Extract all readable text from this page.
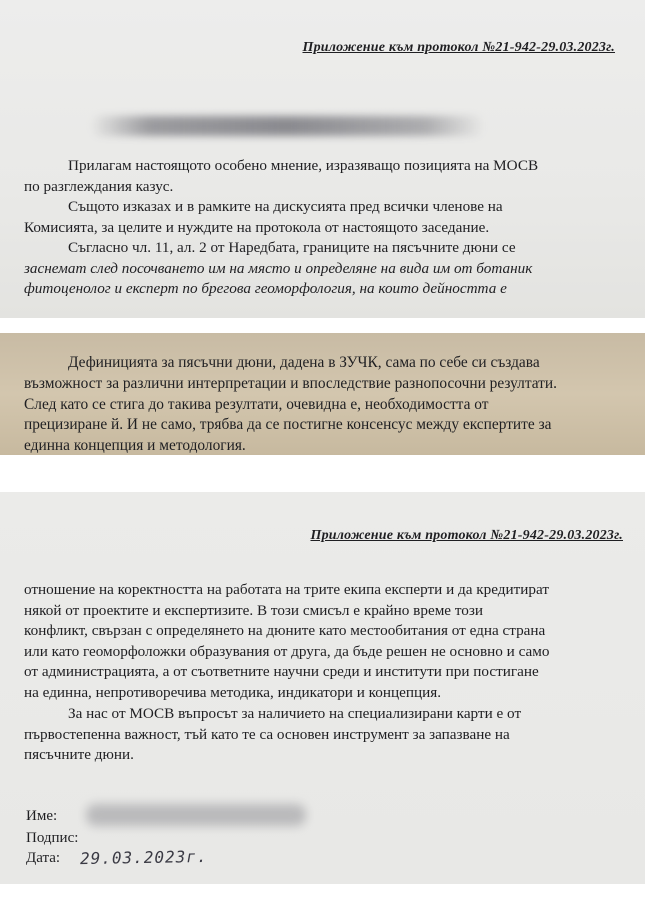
Приложение към протокол №21-942-29.03.2023г.
Прилагам настоящото особено мнение, изразяващо позицията на МОСВ
по разглеждания казус.
Същото изказах и в рамките на дискусията пред всички членове на
Комисията, за целите и нуждите на протокола от настоящото заседание.
Съгласно чл. 11, ал. 2 от Наредбата, границите на пясъчните дюни се
заснемат след посочването им на място и определяне на вида им от ботаник
фитоценолог и експерт по брегова геоморфология, на които дейността е
Дефиницията за пясъчни дюни, дадена в ЗУЧК, сама по себе си създава
възможност за различни интерпретации и впоследствие разнопосочни резултати.
След като се стига до такива резултати, очевидна е, необходимостта от
прецизиране й. И не само, трябва да се постигне консенсус между експертите за
единна концепция и методология.
Приложение към протокол №21-942-29.03.2023г.
отношение на коректността на работата на трите екипа експерти и да кредитират
някой от проектите и експертизите. В този смисъл е крайно време този
конфликт, свързан с определянето на дюните като местообитания от една страна
или като геоморфоложки образувания от друга, да бъде решен не основно и само
от администрацията, а от съответните научни среди и институти при постигане
на единна, непротиворечива методика, индикатори и концепция.
За нас от МОСВ въпросът за наличието на специализирани карти е от
първостепенна важност, тъй като те са основен инструмент за запазване на
пясъчните дюни.
Име:
Подпис:
Дата: 29.03.2023г.
